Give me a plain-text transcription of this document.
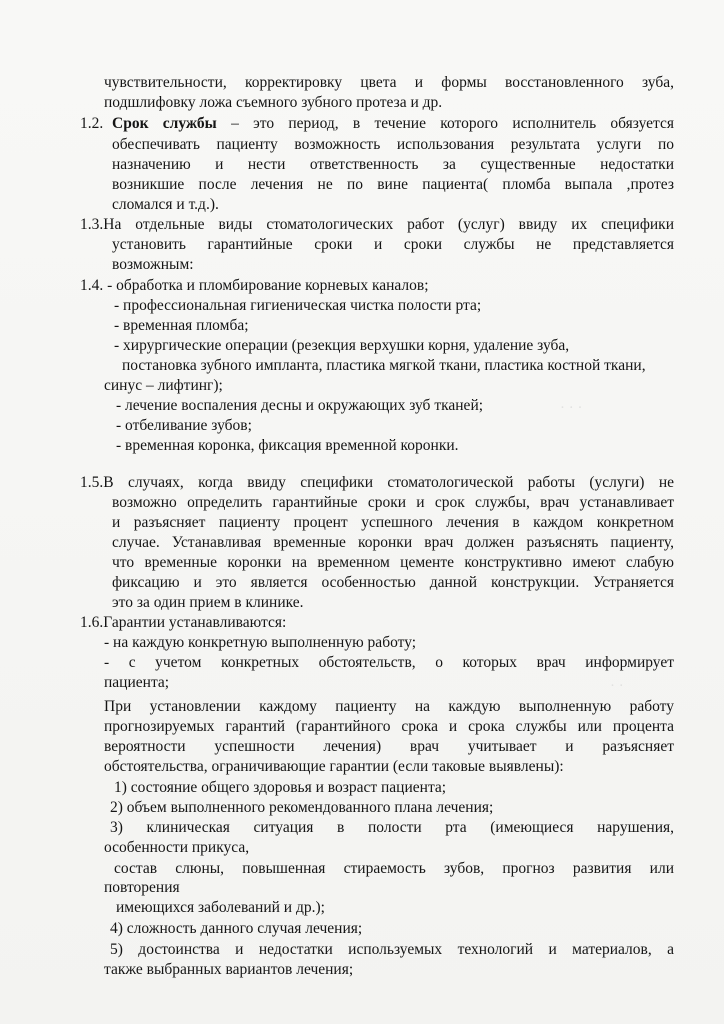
· · ·
· ·
чувствительности, корректировку цвета и формы восстановленного зуба,
подшлифовку ложа съемного зубного протеза и др.
1.2. Срок службы – это период, в течение которого исполнитель обязуется
обеспечивать пациенту возможность использования результата услуги по
назначению и нести ответственность за существенные недостатки
возникшие после лечения не по вине пациента( пломба выпала ,протез
сломался и т.д.).
1.3.На отдельные виды стоматологических работ (услуг) ввиду их специфики
установить гарантийные сроки и сроки службы не представляется
возможным:
1.4. - обработка и пломбирование корневых каналов;
- профессиональная гигиеническая чистка полости рта;
- временная пломба;
- хирургические операции (резекция верхушки корня, удаление зуба,
постановка зубного импланта, пластика мягкой ткани, пластика костной ткани,
синус – лифтинг);
- лечение воспаления десны и окружающих зуб тканей;
- отбеливание зубов;
- временная коронка, фиксация временной коронки.
1.5.В случаях, когда ввиду специфики стоматологической работы (услуги) не
возможно определить гарантийные сроки и срок службы, врач устанавливает
и разъясняет пациенту процент успешного лечения в каждом конкретном
случае. Устанавливая временные коронки врач должен разъяснять пациенту,
что временные коронки на временном цементе конструктивно имеют слабую
фиксацию и это является особенностью данной конструкции. Устраняется
это за один прием в клинике.
1.6.Гарантии устанавливаются:
- на каждую конкретную выполненную работу;
- с учетом конкретных обстоятельств, о которых врач информирует
пациента;
При установлении каждому пациенту на каждую выполненную работу
прогнозируемых гарантий (гарантийного срока и срока службы или процента
вероятности успешности лечения) врач учитывает и разъясняет
обстоятельства, ограничивающие гарантии (если таковые выявлены):
1) состояние общего здоровья и возраст пациента;
2) объем выполненного рекомендованного плана лечения;
3) клиническая ситуация в полости рта (имеющиеся нарушения,
особенности прикуса,
состав слюны, повышенная стираемость зубов, прогноз развития или
повторения
имеющихся заболеваний и др.);
4) сложность данного случая лечения;
5) достоинства и недостатки используемых технологий и материалов, а
также выбранных вариантов лечения;
